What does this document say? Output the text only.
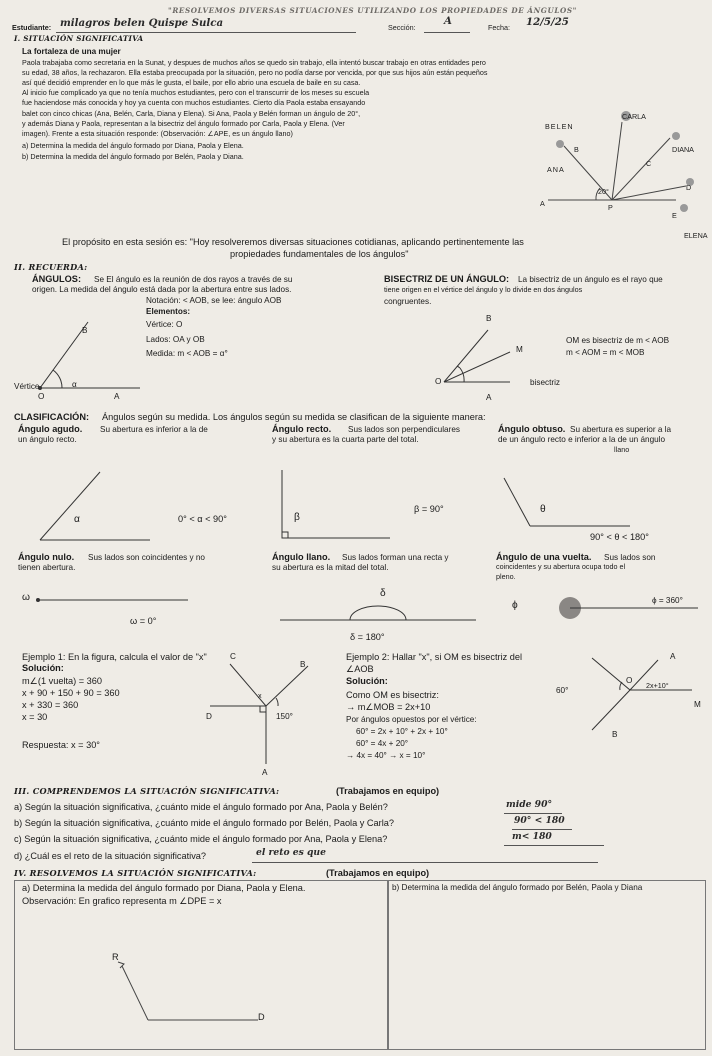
"RESOLVEMOS DIVERSAS SITUACIONES UTILIZANDO LOS PROPIEDADES DE ÁNGULOS"
Estudiante: milagros belen Quispe Sulca	Sección:
A
Fecha: 12/5/25
I. SITUACIÓN SIGNIFICATIVA
La fortaleza de una mujer
Paola trabajaba como secretaria en la Sunat, y despues de muchos años se quedo sin trabajo, ella intentó buscar trabajo en otras entidades pero
su edad, 38 años, la rechazaron. Ella estaba preocupada por la situación, pero no podía darse por vencida, por que sus hijos aún están pequeños
así qué decidió emprender en lo que más le gusta, el baile, por ello abrio una escuela de baile en su casa.
Al inicio fue complicado ya que no tenía muchos estudiantes, pero con el transcurrir de los meses su escuela
fue haciendose más conocida y hoy ya cuenta con muchos estudiantes. Cierto día Paola estaba ensayando
balet con cinco chicas (Ana, Belén, Carla, Diana y Elena). Si Ana, Paola y Belén forman un ángulo de 20°,
y además Diana y Paola, representan a la bisectriz del ángulo formado por Carla, Paola y Elena. (Ver
imagen). Frente a esta situación responde: (Observación: ∠APE, es un ángulo llano)
a) Determina la medida del ángulo formado por Diana, Paola y Elena.
b) Determina la medida del ángulo formado por Belén, Paola y Diana.
BELEN
CARLA
ANA
DIANA
ELENA
20°
A
B
C
D
P
E
El propósito en esta sesión es: "Hoy resolveremos diversas situaciones cotidianas, aplicando pertinentemente las
propiedades fundamentales de los ángulos"
II. RECUERDA:
ÁNGULOS: Se El ángulo es la reunión de dos rayos a través de su
origen. La medida del ángulo está dada por la abertura entre sus lados.
Notación: < AOB, se lee: ángulo AOB
Elementos:
Vértice: O
Lados: OA y OB
Medida: m < AOB = α°
Vértice	α
B
O	A
BISECTRIZ DE UN ÁNGULO: La bisectriz de un ángulo es el rayo que
tiene origen en el vértice del ángulo y lo divide en dos ángulos
congruentes.
B
M
O
A
bisectriz
OM es bisectriz de m < AOB
m < AOM = m < MOB
CLASIFICACIÓN: Ángulos según su medida. Los ángulos según su medida se clasifican de la siguiente manera:
Ángulo agudo. Su abertura es inferior a la de
un ángulo recto.
α	0° < α < 90°
Ángulo recto. Sus lados son perpendiculares
y su abertura es la cuarta parte del total.
β
β = 90°
Ángulo obtuso. Su abertura es superior a la
de un ángulo recto e inferior a la de un ángulo
llano
θ
90° < θ < 180°
Ángulo nulo. Sus lados son coincidentes y no
tienen abertura.
ω
ω = 0°
Ángulo llano. Sus lados forman una recta y
su abertura es la mitad del total.
δ
δ = 180°
Ángulo de una vuelta. Sus lados son
coincidentes y su abertura ocupa todo el
pleno.
ϕ	ϕ = 360°
Ejemplo 1: En la figura, calcula el valor de "x"
Solución:
m∠(1 vuelta) = 360
x + 90 + 150 + 90 = 360
x + 330 = 360
x = 30
Respuesta: x = 30°
C
B
D
A
x
150°
Ejemplo 2: Hallar "x", si OM es bisectriz del
∠AOB
Solución:
Como OM es bisectriz:
→ m∠MOB = 2x+10
Por ángulos opuestos por el vértice:
60° = 2x + 10° + 2x + 10°
60° = 4x + 20°
→ 4x = 40° → x = 10°
A
O
M
B
60°
2x+10°
III. COMPRENDEMOS LA SITUACIÓN SIGNIFICATIVA:	(Trabajamos en equipo)
a) Según la situación significativa, ¿cuánto mide el ángulo formado por Ana, Paola y Belén?	mide 90°
b) Según la situación significativa, ¿cuánto mide el ángulo formado por Belén, Paola y Carla?	90° < 180
c) Según la situación significativa, ¿cuánto mide el ángulo formado por Ana, Paola y Elena?	m< 180
d) ¿Cuál es el reto de la situación significativa?	el reto es que
IV. RESOLVEMOS LA SITUACIÓN SIGNIFICATIVA:	(Trabajamos en equipo)
a) Determina la medida del ángulo formado por Diana, Paola y Elena.	b) Determina la medida del ángulo formado por Belén, Paola y Diana
Observación: En grafico representa m ∠DPE = x
R
D
